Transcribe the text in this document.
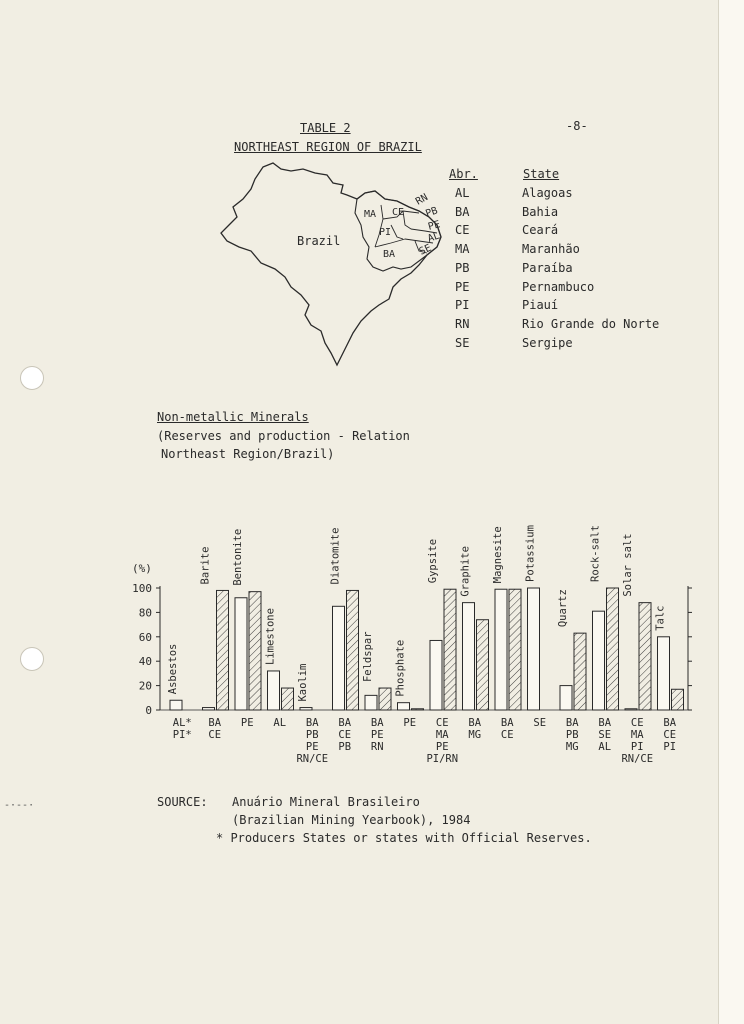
-·--·
-8-
TABLE 2
NORTHEAST REGION OF BRAZIL
Brazil
MA CE
RN
PB
PI	PE
AL
BA SE
Abr.	State
AL	Alagoas
BA	Bahia
CE	Ceará
MA	Maranhão
PB	Paraíba
PE	Pernambuco
PI	Piauí
RN	Rio Grande do Norte
SE	Sergipe
Non-metallic Minerals
(Reserves and production - Relation
Northeast Region/Brazil)
(%)
0
20
40
60
80
100
Asbestos
Barite Bentonite
Limestone
Kaolim
Diatomite
Feldspar Phosphate
Gypsite Graphite Magnesite Potassium
Quartz
Rock-salt Solar salt
Talc
AL*
PI*
BA
CE
PE AL BA
PB
PE
RN/CE
BA
CE
PB
BA
PE
RN
PE CE
MA
PE
PI/RN
BA
MG
BA
CE
SE BA
PB
MG
BA
SE
AL
CE
MA
PI
RN/CE
BA
CE
PI
SOURCE: Anuário Mineral Brasileiro
(Brazilian Mining Yearbook), 1984
* Producers States or states with Official Reserves.
